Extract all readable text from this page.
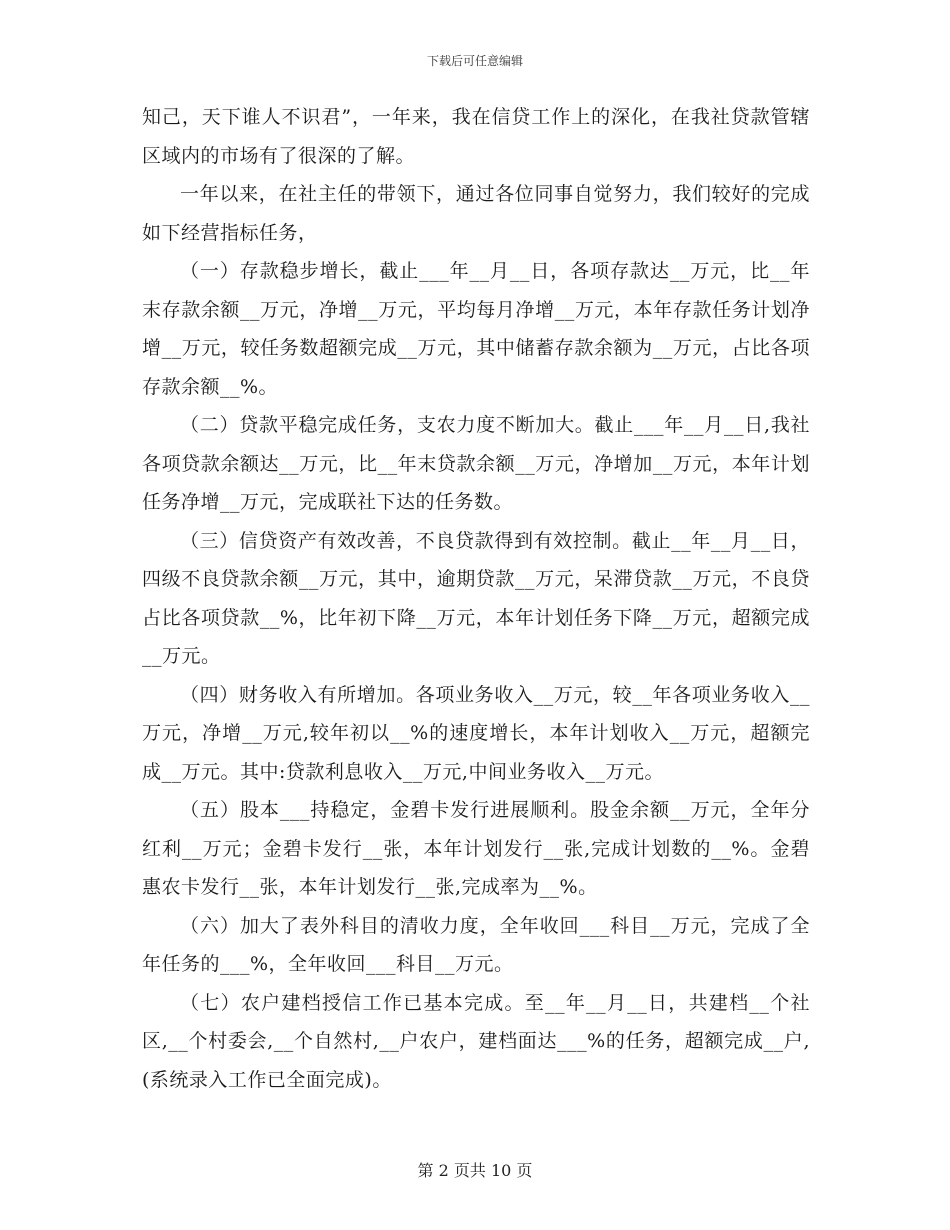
下载后可任意编辑

知己，天下谁人不识君”，一年来，我在信贷工作上的深化，在我社贷款管辖区域内的市场有了很深的了解。

一年以来，在社主任的带领下，通过各位同事自觉努力，我们较好的完成如下经营指标任务，

（一）存款稳步增长，截止___年__月__日，各项存款达__万元，比__年末存款余额__万元，净增__万元，平均每月净增__万元，本年存款任务计划净增__万元，较任务数超额完成__万元，其中储蓄存款余额为__万元，占比各项存款余额__%。

（二）贷款平稳完成任务，支农力度不断加大。截止___年__月__日,我社各项贷款余额达__万元，比__年末贷款余额__万元，净增加__万元，本年计划任务净增__万元，完成联社下达的任务数。

（三）信贷资产有效改善，不良贷款得到有效控制。截止__年__月__日，四级不良贷款余额__万元，其中，逾期贷款__万元，呆滞贷款__万元，不良贷占比各项贷款__%，比年初下降__万元，本年计划任务下降__万元，超额完成__万元。

（四）财务收入有所增加。各项业务收入__万元，较__年各项业务收入__万元，净增__万元,较年初以__%的速度增长，本年计划收入__万元，超额完成__万元。其中:贷款利息收入__万元,中间业务收入__万元。

（五）股本___持稳定，金碧卡发行进展顺利。股金余额__万元，全年分红利__万元；金碧卡发行__张，本年计划发行__张,完成计划数的__%。金碧惠农卡发行__张，本年计划发行__张,完成率为__%。

（六）加大了表外科目的清收力度，全年收回___科目__万元，完成了全年任务的___%，全年收回___科目__万元。

（七）农户建档授信工作已基本完成。至__年__月__日，共建档__个社区,__个村委会,__个自然村,__户农户，建档面达___%的任务，超额完成__户,(系统录入工作已全面完成)。

第 2 页共 10 页
